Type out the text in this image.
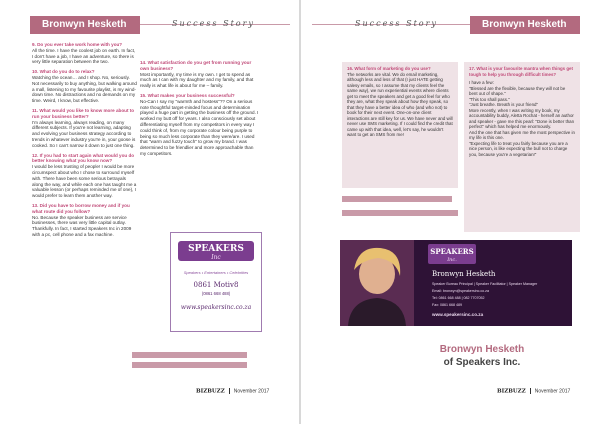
Bronwyn Hesketh	Success Story	Success Story	Bronwyn Hesketh
9. Do you ever take work home with you?
All the time. I have the coolest job on earth. In fact, I don't have a job, I have an adventure, so there is very little separation between the two.
10. What do you do to relax?
Watching the ocean… and I shop. No, seriously. Not necessarily to buy anything, but walking around a mall, listening to my favourite playlist, is my wind-down time. No distractions and no demands on my time. Weird, I know, but effective.
11. What would you like to know more about to run your business better?
I'm always learning, always reading, on many different subjects. If you're not learning, adapting and evolving your business strategy according to trends in whatever industry you're in, your goose is cooked. So I can't narrow it down to just one thing.
12. If you had to start again what would you do better knowing what you know now?
I would be less trusting of people! I would be more circumspect about who I chose to surround myself with. There have been some serious betrayals along the way, and while each one has taught me a valuable lesson (or perhaps reminded me of one), I would prefer to learn them another way.
13. Did you have to borrow money and if you what route did you follow?
No. Because the speaker business are service businesses, there was very little capital outlay. Thankfully. In fact, I started Speakers Inc in 2009 with a pc, cell phone and a fax machine.
14. What satisfaction do you get from running your own business?
Most importantly, my time is my own. I get to spend as much as I can with my daughter and my family, and that really is what life is about for me – family.
15. What makes your business successful?
No-Can I say my "warmth and hostess"?? On a serious note thoughtful target-minded focus and determination played a huge part in getting the business off the ground. I worked my butt off for years. I also consciously set about differentiating myself from my competitors in every way I could think of, from my corporate colour being purple to being so much less corporate than they were/are. I used that "warm and fuzzy touch" to grow my brand. I was determined to be friendlier and more approachable than my competitors.
SPEAKERS
Inc
Speakers • Entertainers • Celebrities
0861 Motiv8
(0861 668 488)
www.speakersinc.co.za
BIZBUZZ November 2017
16. What form of marketing do you use?
The networks are vital. We do email marketing, although less and less of that (I just HATE getting salesy emails, so I assume that my clients feel the same way), we run experiential events where clients get to meet the speakers and get a good feel for who they are, what they speak about how they speak, so that they have a better idea of who (and who not) to book for their next event. One-on-one client interactions are still key for us. We have never and will never use SMS marketing. If I could find the credit that came up with that idea, well, let's say, he wouldn't want to get an SMS from me!
17. What is your favourite mantra when things get tough to help you through difficult times?
I have a few:
"Blessed are the flexible, because they will not be bent out of shape."
"This too shall pass."
"Just breathe. Breath is your friend"
More recently, when I was writing my book, my accountability buddy, Aletta Rochat - herself an author and speaker - gave me this pearl: "Done is better than perfect" which has helped me enormously.
And the one that has given me the most perspective in my life is this one.
"Expecting life to treat you fairly because you are a nice person, is like expecting the bull not to charge you, because you're a vegetarian!"
SPEAKERS
Inc.
Bronwyn Hesketh
Speaker Bureau Principal | Speaker Facilitator | Speaker Manager
Email: bronwyn@speakersinc.co.za
Tel: 0861 668 488 | 082 7707052
Fax: 0861 668 489
www.speakersinc.co.za
Bronwyn Hesketh
of Speakers Inc.
BIZBUZZ November 2017
